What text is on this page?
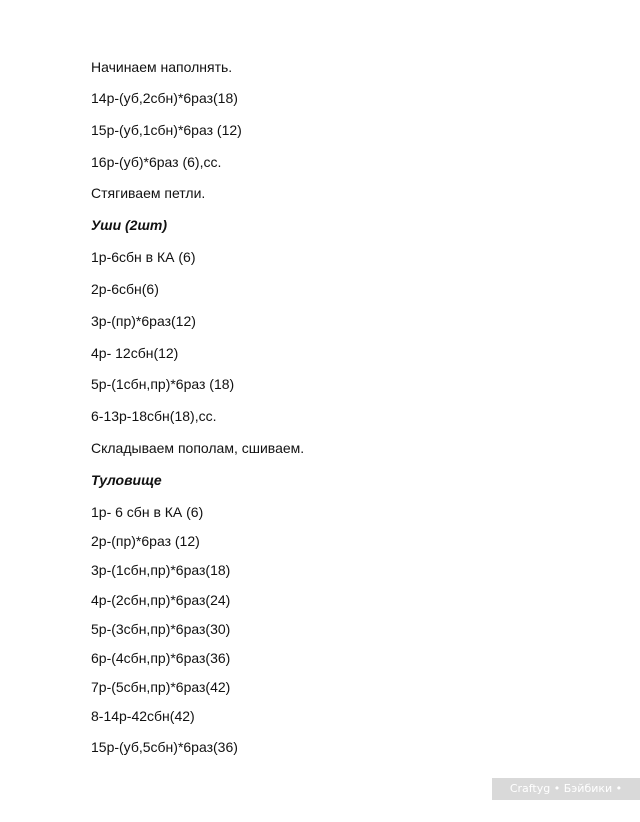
Начинаем наполнять.
14р-(уб,2сбн)*6раз(18)
15р-(уб,1сбн)*6раз (12)
16р-(уб)*6раз (6),сс.
Стягиваем петли.
Уши (2шт)
1р-6сбн в КА (6)
2р-6сбн(6)
3р-(пр)*6раз(12)
4р- 12сбн(12)
5р-(1сбн,пр)*6раз (18)
6-13р-18сбн(18),сс.
Складываем пополам, сшиваем.
Туловище
1р- 6 сбн в КА (6)
2р-(пр)*6раз (12)
3р-(1сбн,пр)*6раз(18)
4р-(2сбн,пр)*6раз(24)
5р-(3сбн,пр)*6раз(30)
6р-(4сбн,пр)*6раз(36)
7р-(5сбн,пр)*6раз(42)
8-14р-42сбн(42)
15р-(уб,5сбн)*6раз(36)
Craftyg • Бэйбики • babiki.ru
